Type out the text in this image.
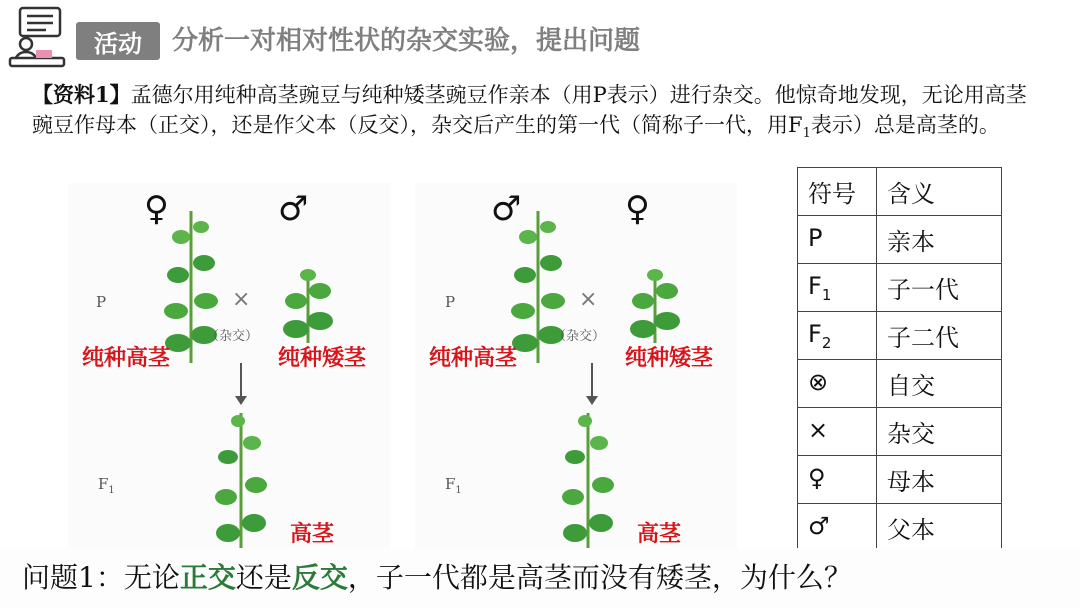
活动	分析一对相对性状的杂交实验，提出问题
【资料1】孟德尔用纯种高茎豌豆与纯种矮茎豌豆作亲本（用P表示）进行杂交。他惊奇地发现，无论用高茎豌豆作母本（正交），还是作父本（反交），杂交后产生的第一代（简称子一代，用$F_1$表示）总是高茎的。
♀	♂
P	×
（杂交）
纯种高茎	纯种矮茎
$F_1$
高茎
♂	♀
P	×
（杂交）
纯种高茎	纯种矮茎
$F_1$
高茎
符号	含义
P	亲本
$F_1$	子一代
$F_2$	子二代
⊗	自交
×	杂交
♀	母本
♂	父本
问题1：无论正交还是反交，子一代都是高茎而没有矮茎，为什么？
